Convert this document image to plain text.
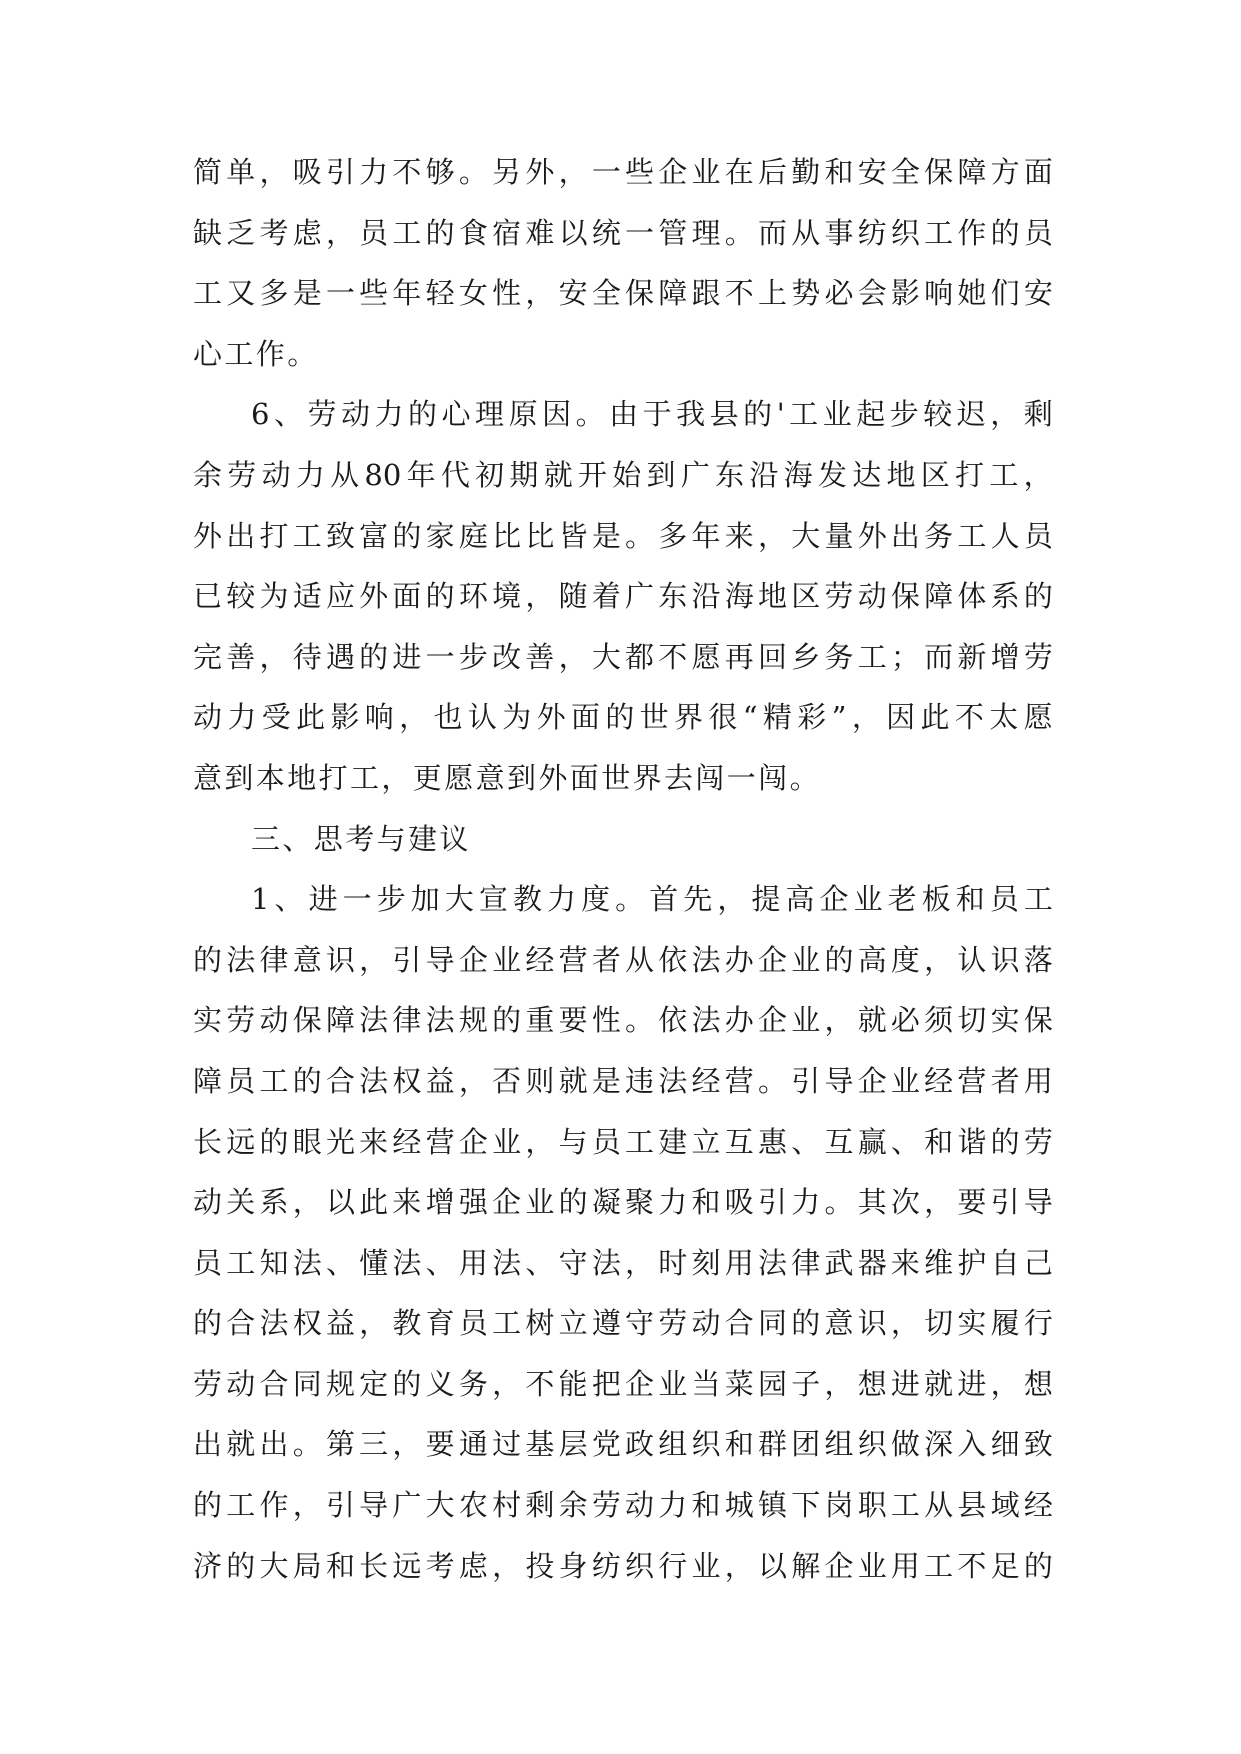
简 单 ， 吸 引 力 不 够 。 另 外 ， 一 些 企 业 在 后 勤 和 安 全 保 障 方 面
缺 乏 考 虑 ， 员 工 的 食 宿 难 以 统 一 管 理 。 而 从 事 纺 织 工 作 的 员
工 又 多 是 一 些 年 轻 女 性 ， 安 全 保 障 跟 不 上 势 必 会 影 响 她 们 安
心工作。
6 、 劳 动 力 的 心 理 原 因 。 由 于 我 县 的 ' 工 业 起 步 较 迟 ， 剩
余 劳 动 力 从 80 年 代 初 期 就 开 始 到 广 东 沿 海 发 达 地 区 打 工 ，
外 出 打 工 致 富 的 家 庭 比 比 皆 是 。 多 年 来 ， 大 量 外 出 务 工 人 员
已 较 为 适 应 外 面 的 环 境 ， 随 着 广 东 沿 海 地 区 劳 动 保 障 体 系 的
完 善 ， 待 遇 的 进 一 步 改 善 ， 大 都 不 愿 再 回 乡 务 工 ； 而 新 增 劳
动 力 受 此 影 响 ， 也 认 为 外 面 的 世 界 很 “ 精 彩 ” ， 因 此 不 太 愿
意到本地打工，更愿意到外面世界去闯一闯。
三、思考与建议
1 、 进 一 步 加 大 宣 教 力 度 。 首 先 ， 提 高 企 业 老 板 和 员 工
的 法 律 意 识 ， 引 导 企 业 经 营 者 从 依 法 办 企 业 的 高 度 ， 认 识 落
实 劳 动 保 障 法 律 法 规 的 重 要 性 。 依 法 办 企 业 ， 就 必 须 切 实 保
障 员 工 的 合 法 权 益 ， 否 则 就 是 违 法 经 营 。 引 导 企 业 经 营 者 用
长 远 的 眼 光 来 经 营 企 业 ， 与 员 工 建 立 互 惠 、 互 赢 、 和 谐 的 劳
动 关 系 ， 以 此 来 增 强 企 业 的 凝 聚 力 和 吸 引 力 。 其 次 ， 要 引 导
员 工 知 法 、 懂 法 、 用 法 、 守 法 ， 时 刻 用 法 律 武 器 来 维 护 自 己
的 合 法 权 益 ， 教 育 员 工 树 立 遵 守 劳 动 合 同 的 意 识 ， 切 实 履 行
劳 动 合 同 规 定 的 义 务 ， 不 能 把 企 业 当 菜 园 子 ， 想 进 就 进 ， 想
出 就 出 。 第 三 ， 要 通 过 基 层 党 政 组 织 和 群 团 组 织 做 深 入 细 致
的 工 作 ， 引 导 广 大 农 村 剩 余 劳 动 力 和 城 镇 下 岗 职 工 从 县 域 经
济 的 大 局 和 长 远 考 虑 ， 投 身 纺 织 行 业 ， 以 解 企 业 用 工 不 足 的
